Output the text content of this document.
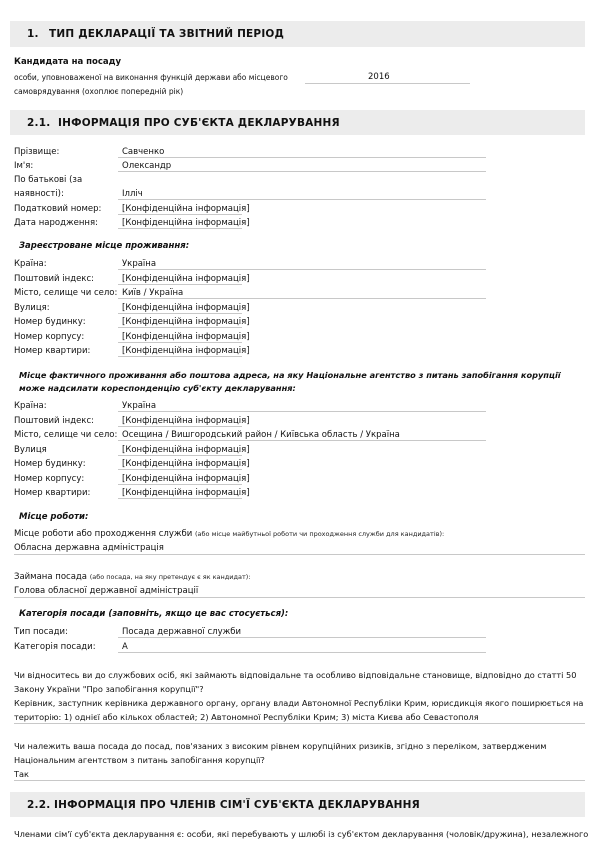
1. ТИП ДЕКЛАРАЦІЇ ТА ЗВІТНИЙ ПЕРІОД
Кандидата на посаду
особи, уповноваженої на виконання функцій держави або місцевого
самоврядування (охоплює попередній рік)
2016
2.1. ІНФОРМАЦІЯ ПРО СУБ'ЄКТА ДЕКЛАРУВАННЯ
Прізвище:	Савченко
Ім'я:	Олександр
По батькові (за
наявності):	Ілліч
Податковий номер: [Конфіденційна інформація]
Дата народження:	[Конфіденційна інформація]
Зареєстроване місце проживання:
Країна:	Україна
Поштовий індекс:	[Конфіденційна інформація]
Місто, селище чи село: Київ / Україна
Вулиця:	[Конфіденційна інформація]
Номер будинку:	[Конфіденційна інформація]
Номер корпусу:	[Конфіденційна інформація]
Номер квартири:	[Конфіденційна інформація]
Місце фактичного проживання або поштова адреса, на яку Національне агентство з питань запобігання корупції
може надсилати кореспонденцію суб'єкту декларування:
Країна:	Україна
Поштовий індекс:	[Конфіденційна інформація]
Місто, селище чи село: Осещина / Вишгородський район / Київська область / Україна
Вулиця	[Конфіденційна інформація]
Номер будинку:	[Конфіденційна інформація]
Номер корпусу:	[Конфіденційна інформація]
Номер квартири:	[Конфіденційна інформація]
Місце роботи:
Місце роботи або проходження служби (або місце майбутньої роботи чи проходження служби для кандидатів):
Обласна державна адміністрація
Займана посада (або посада, на яку претендує є як кандидат):
Голова обласної державної адміністрації
Категорія посади (заповніть, якщо це вас стосується):
Тип посади:	Посада державної служби
Категорія посади:	А
Чи відноситесь ви до службових осіб, які займають відповідальне та особливо відповідальне становище, відповідно до статті 50
Закону України "Про запобігання корупції"?
Керівник, заступник керівника державного органу, органу влади Автономної Республіки Крим, юрисдикція якого поширюється на
територію: 1) однієї або кількох областей; 2) Автономної Республіки Крим; 3) міста Києва або Севастополя
Чи належить ваша посада до посад, пов'язаних з високим рівнем корупційних ризиків, згідно з переліком, затвердженим
Національним агентством з питань запобігання корупції?
Так
2.2. ІНФОРМАЦІЯ ПРО ЧЛЕНІВ СІМ'Ї СУБ'ЄКТА ДЕКЛАРУВАННЯ
Членами сім'ї суб'єкта декларування є: особи, які перебувають у шлюбі із суб'єктом декларування (чоловік/дружина), незалежного
